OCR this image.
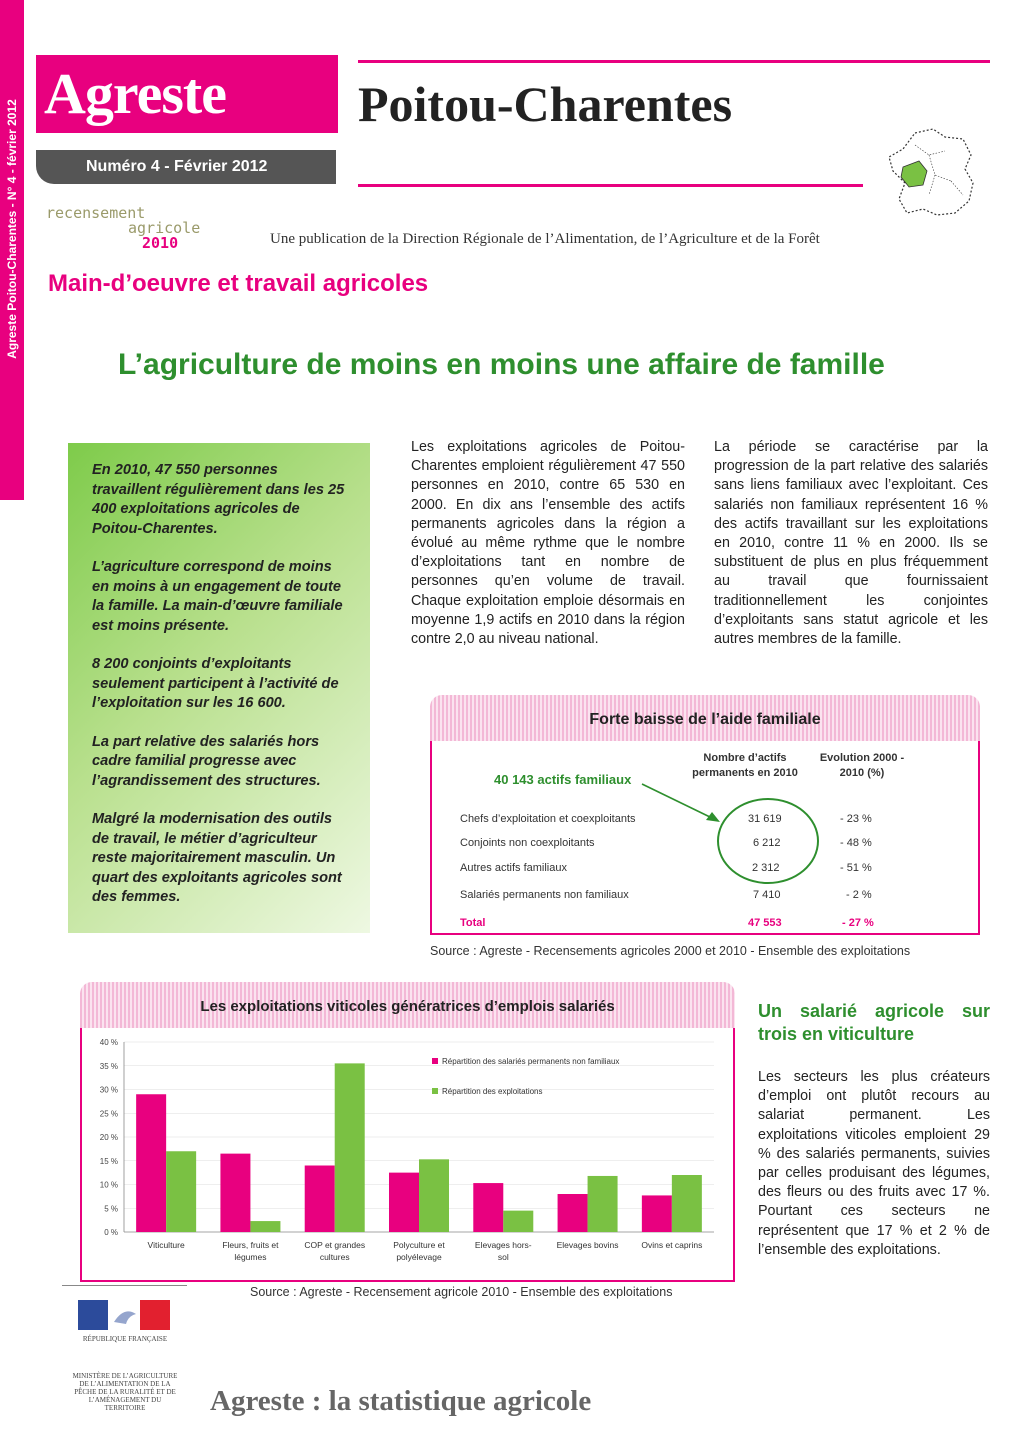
Agreste Poitou-Charentes - N° 4 - février 2012
Agreste
Numéro 4 - Février 2012
Poitou-Charentes
recensement
agricole
2010	Une publication de la Direction Régionale de l’Alimentation, de l’Agriculture et de la Forêt
Main-d’oeuvre et travail agricoles
L’agriculture de moins en moins une affaire de famille

En 2010, 47 550 personnes travaillent régulièrement dans les 25 400 exploitations agricoles de Poitou-Charentes.

L’agriculture correspond de moins en moins à un engagement de toute la famille. La main-d’œuvre familiale est moins présente.

8 200 conjoints d’exploitants seulement participent à l’activité de l’exploitation sur les 16 600.

La part relative des salariés hors cadre familial progresse avec l’agrandissement des structures.

Malgré la modernisation des outils de travail, le métier d’agriculteur reste majoritairement masculin. Un quart des exploitants agricoles sont des femmes.

Les exploitations agricoles de Poitou-Charentes emploient régulièrement 47 550 personnes en 2010, contre 65 530 en 2000. En dix ans l’ensemble des actifs permanents agricoles dans la région a évolué au même rythme que le nombre d’exploitations tant en nombre de personnes qu’en volume de travail. Chaque exploitation emploie désormais en moyenne 1,9 actifs en 2010 dans la région contre 2,0 au niveau national.

La période se caractérise par la progression de la part relative des salariés sans liens familiaux avec l’exploitant. Ces salariés non familiaux représentent 16 % des actifs travaillant sur les exploitations en 2010, contre 11 % en 2000. Ils se substituent de plus en plus fréquemment au travail que fournissaient traditionnellement les conjointes d’exploitants sans statut agricole et les autres membres de la famille.

Forte baisse de l’aide familiale
Nombre d’actifs permanents en 2010
Evolution 2000 - 2010 (%)
40 143 actifs familiaux
Chefs d’exploitation et coexploitants	31 619	- 23 %
Conjoints non coexploitants	6 212	- 48 %
Autres actifs familiaux	2 312	- 51 %
Salariés permanents non familiaux	7 410	- 2 %
Total	47 553	- 27 %
Source : Agreste - Recensements agricoles 2000 et 2010 - Ensemble des exploitations
Les exploitations viticoles génératrices d’emplois salariés
0 %
5 %
10 %
15 %
20 %
25 %
30 %
35 %
40 %
Viticulture	Fleurs, fruits et
légumes
COP et grandes
cultures
Polyculture et
polyélevage
Elevages hors-
sol
Elevages bovins	Ovins et caprins
Répartition des salariés permanents non familiaux
Répartition des exploitations
Source : Agreste - Recensement agricole 2010 - Ensemble des exploitations
Un salarié agricole sur trois en viticulture

Les secteurs les plus créateurs d’emploi ont plutôt recours au salariat permanent. Les exploitations viticoles emploient 29 % des salariés permanents, suivies par celles produisant des légumes, des fleurs ou des fruits avec 17 %. Pourtant ces secteurs ne représentent que 17 % et 2 % de l’ensemble des exploitations.

RÉPUBLIQUE FRANÇAISE
MINISTÈRE DE L’AGRICULTURE DE L’ALIMENTATION DE LA PÊCHE DE LA RURALITÉ ET DE L’AMÉNAGEMENT DU TERRITOIRE	Agreste : la statistique agricole
